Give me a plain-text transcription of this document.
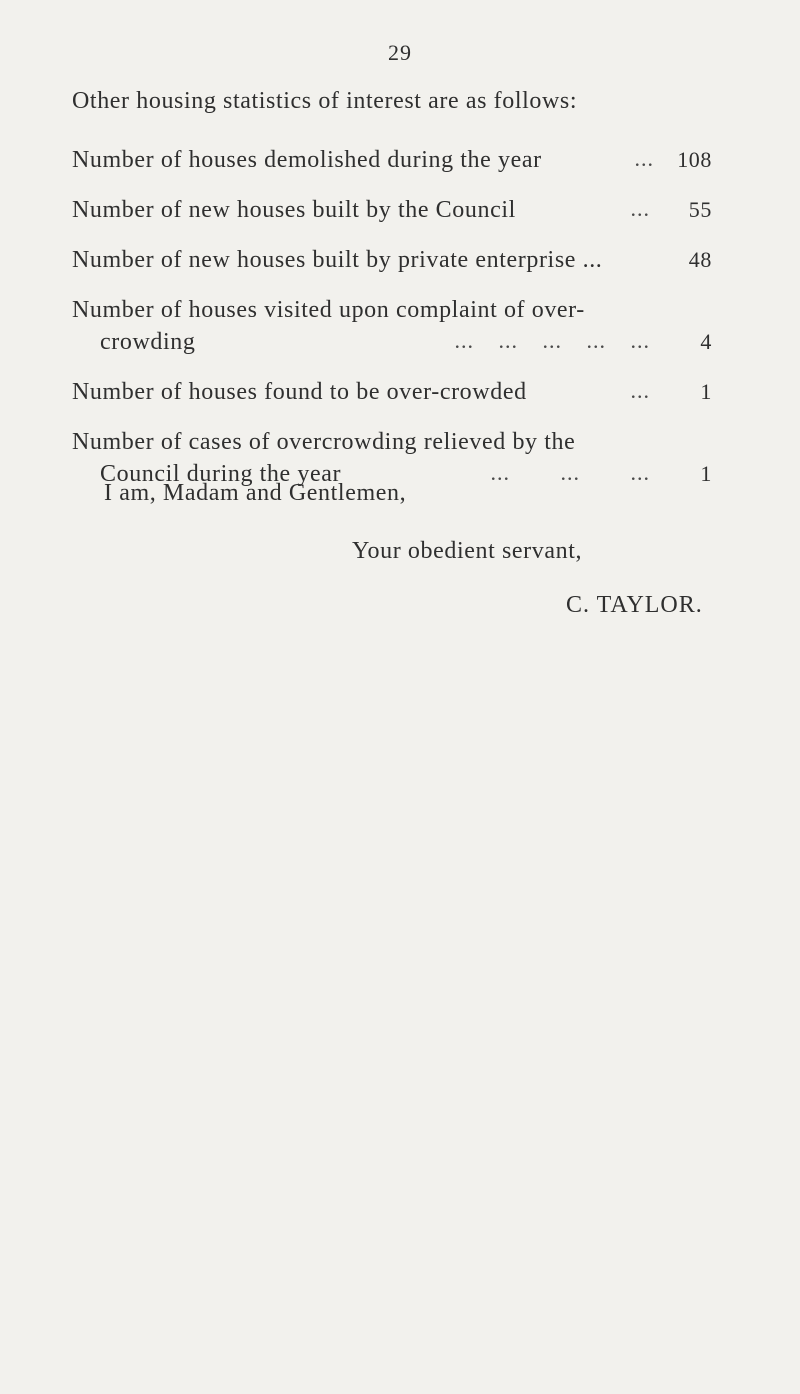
29
Other housing statistics of interest are as follows:
Number of houses demolished during the year	...	108
Number of new houses built by the Council	...	55
Number of new houses built by private enterprise ...	48
Number of houses visited upon complaint of over-
crowding	... ... ... ... ...	4
Number of houses found to be over-crowded	...	1
Number of cases of overcrowding relieved by the
Council during the year	... ... ...	1
I am, Madam and Gentlemen,
Your obedient servant,
C. TAYLOR.
